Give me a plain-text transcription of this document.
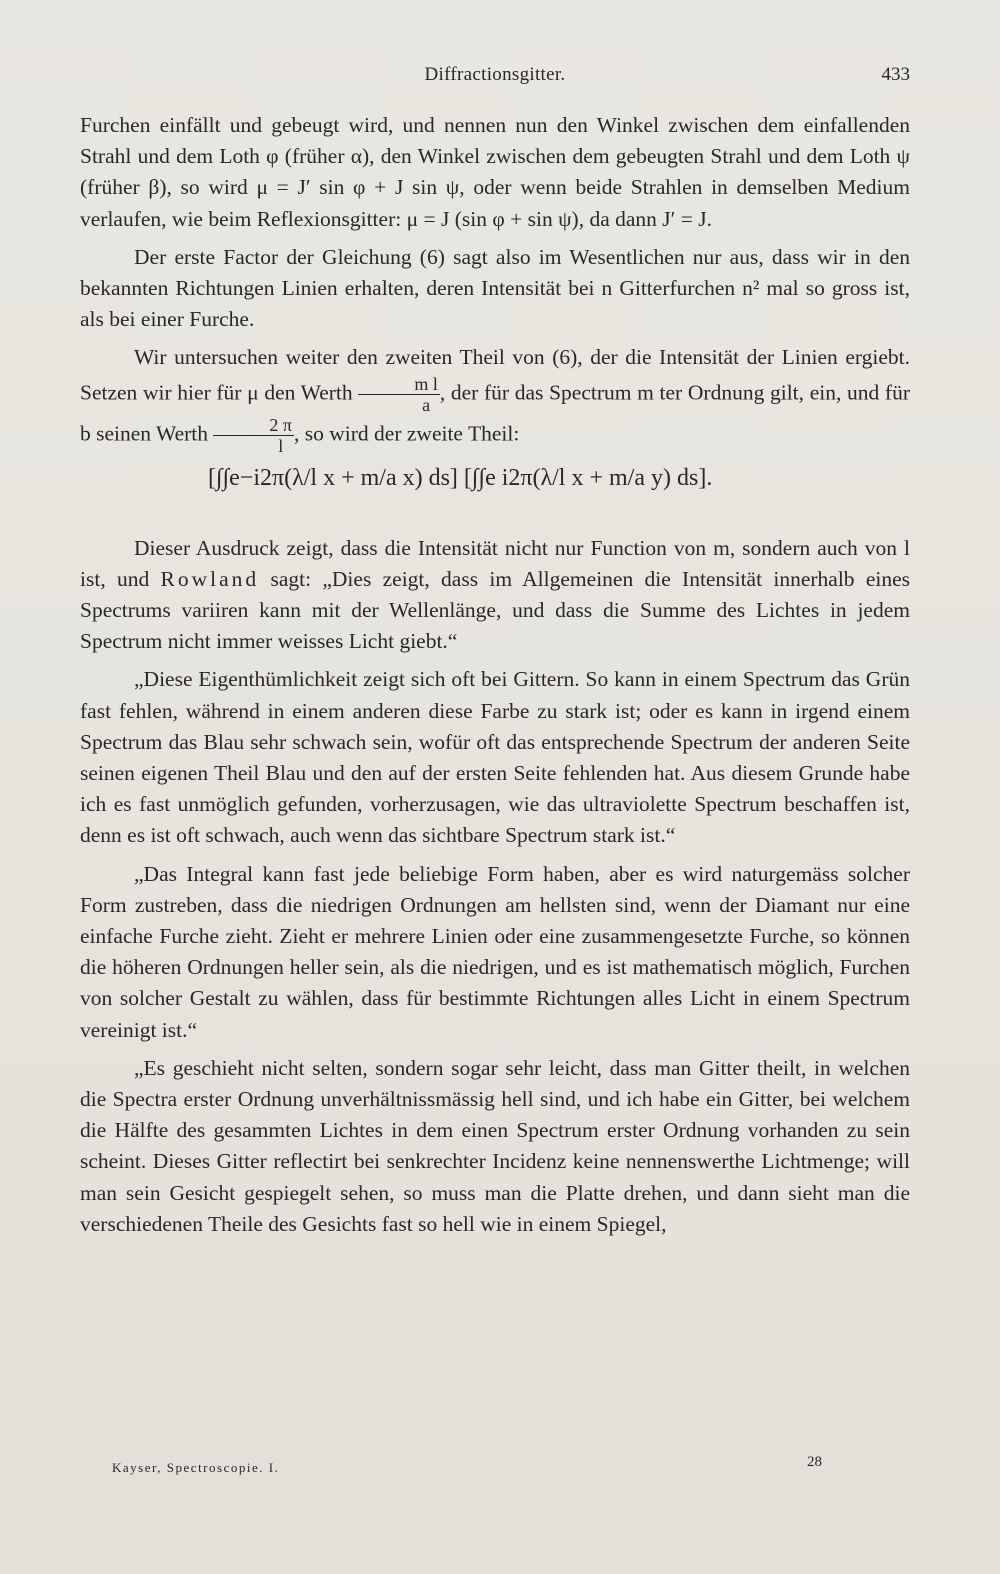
Diffractionsgitter.	433

Furchen einfällt und gebeugt wird, und nennen nun den Winkel zwischen dem einfallenden Strahl und dem Loth φ (früher α), den Winkel zwischen dem gebeugten Strahl und dem Loth ψ (früher β), so wird μ = J′ sin φ + J sin ψ, oder wenn beide Strahlen in demselben Medium verlaufen, wie beim Reflexionsgitter: μ = J (sin φ + sin ψ), da dann J′ = J.

Der erste Factor der Gleichung (6) sagt also im Wesentlichen nur aus, dass wir in den bekannten Richtungen Linien erhalten, deren Intensität bei n Gitterfurchen n² mal so gross ist, als bei einer Furche.

Wir untersuchen weiter den zweiten Theil von (6), der die Intensität der Linien ergiebt. Setzen wir hier für μ den Werth $\frac{\text{m l}}{a}$ , der für das Spectrum m ter Ordnung gilt, ein, und für b seinen Werth $\frac{2 \pi}{l}$ , so wird der zweite Theil:

[∫∫e−i2π(λ/l x + m/a x) ds] [∫∫e i2π(λ/l x + m/a y) ds].

Dieser Ausdruck zeigt, dass die Intensität nicht nur Function von m, sondern auch von l ist, und Rowland sagt: „Dies zeigt, dass im Allgemeinen die Intensität innerhalb eines Spectrums variiren kann mit der Wellenlänge, und dass die Summe des Lichtes in jedem Spectrum nicht immer weisses Licht giebt.“

„Diese Eigenthümlichkeit zeigt sich oft bei Gittern. So kann in einem Spectrum das Grün fast fehlen, während in einem anderen diese Farbe zu stark ist; oder es kann in irgend einem Spectrum das Blau sehr schwach sein, wofür oft das entsprechende Spectrum der anderen Seite seinen eigenen Theil Blau und den auf der ersten Seite fehlenden hat. Aus diesem Grunde habe ich es fast unmöglich gefunden, vorherzusagen, wie das ultraviolette Spectrum beschaffen ist, denn es ist oft schwach, auch wenn das sichtbare Spectrum stark ist.“

„Das Integral kann fast jede beliebige Form haben, aber es wird naturgemäss solcher Form zustreben, dass die niedrigen Ordnungen am hellsten sind, wenn der Diamant nur eine einfache Furche zieht. Zieht er mehrere Linien oder eine zusammengesetzte Furche, so können die höheren Ordnungen heller sein, als die niedrigen, und es ist mathematisch möglich, Furchen von solcher Gestalt zu wählen, dass für bestimmte Richtungen alles Licht in einem Spectrum vereinigt ist.“

„Es geschieht nicht selten, sondern sogar sehr leicht, dass man Gitter theilt, in welchen die Spectra erster Ordnung unverhältnissmässig hell sind, und ich habe ein Gitter, bei welchem die Hälfte des gesammten Lichtes in dem einen Spectrum erster Ordnung vorhanden zu sein scheint. Dieses Gitter reflectirt bei senkrechter Incidenz keine nennenswerthe Lichtmenge; will man sein Gesicht gespiegelt sehen, so muss man die Platte drehen, und dann sieht man die verschiedenen Theile des Gesichts fast so hell wie in einem Spiegel,

Kayser, Spectroscopie. I.	28
